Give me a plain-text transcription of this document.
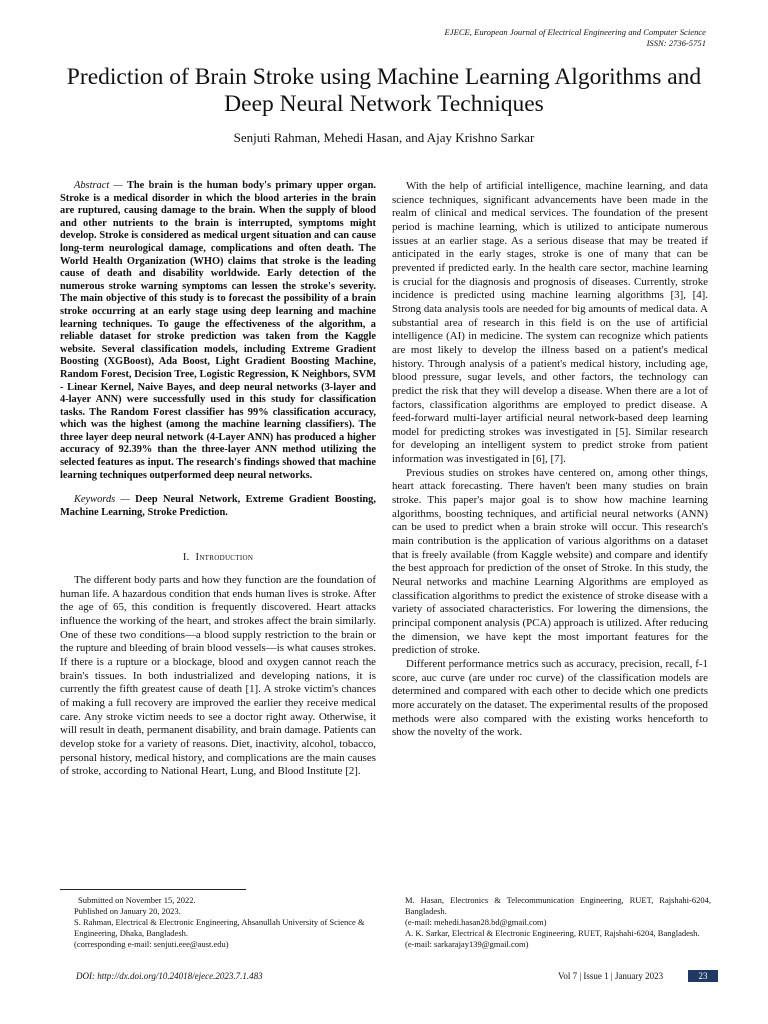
EJECE, European Journal of Electrical Engineering and Computer Science
ISSN: 2736-5751
Prediction of Brain Stroke using Machine Learning Algorithms and Deep Neural Network Techniques
Senjuti Rahman, Mehedi Hasan, and Ajay Krishno Sarkar

Abstract — The brain is the human body's primary upper organ. Stroke is a medical disorder in which the blood arteries in the brain are ruptured, causing damage to the brain. When the supply of blood and other nutrients to the brain is interrupted, symptoms might develop. Stroke is considered as medical urgent situation and can cause long-term neurological damage, complications and often death. The World Health Organization (WHO) claims that stroke is the leading cause of death and disability worldwide. Early detection of the numerous stroke warning symptoms can lessen the stroke's severity. The main objective of this study is to forecast the possibility of a brain stroke occurring at an early stage using deep learning and machine learning techniques. To gauge the effectiveness of the algorithm, a reliable dataset for stroke prediction was taken from the Kaggle website. Several classification models, including Extreme Gradient Boosting (XGBoost), Ada Boost, Light Gradient Boosting Machine, Random Forest, Decision Tree, Logistic Regression, K Neighbors, SVM - Linear Kernel, Naive Bayes, and deep neural networks (3-layer and 4-layer ANN) were successfully used in this study for classification tasks. The Random Forest classifier has 99% classification accuracy, which was the highest (among the machine learning classifiers). The three layer deep neural network (4-Layer ANN) has produced a higher accuracy of 92.39% than the three-layer ANN method utilizing the selected features as input. The research's findings showed that machine learning techniques outperformed deep neural networks.

Keywords — Deep Neural Network, Extreme Gradient Boosting, Machine Learning, Stroke Prediction.

I. Introduction

The different body parts and how they function are the foundation of human life. A hazardous condition that ends human lives is stroke. After the age of 65, this condition is frequently discovered. Heart attacks influence the working of the heart, and strokes affect the brain similarly. One of these two conditions—a blood supply restriction to the brain or the rupture and bleeding of brain blood vessels—is what causes strokes. If there is a rupture or a blockage, blood and oxygen cannot reach the brain's tissues. In both industrialized and developing nations, it is currently the fifth greatest cause of death [1]. A stroke victim's chances of making a full recovery are improved the earlier they receive medical care. Any stroke victim needs to see a doctor right away. Otherwise, it will result in death, permanent disability, and brain damage. Patients can develop stoke for a variety of reasons. Diet, inactivity, alcohol, tobacco, personal history, medical history, and complications are the main causes of stroke, according to National Heart, Lung, and Blood Institute [2].

With the help of artificial intelligence, machine learning, and data science techniques, significant advancements have been made in the realm of clinical and medical services. The foundation of the present period is machine learning, which is utilized to anticipate numerous issues at an earlier stage. As a serious disease that may be treated if anticipated in the early stages, stroke is one of many that can be prevented if predicted early. In the health care sector, machine learning is crucial for the diagnosis and prognosis of diseases. Currently, stroke incidence is predicted using machine learning algorithms [3], [4]. Strong data analysis tools are needed for big amounts of medical data. A substantial area of research in this field is on the use of artificial intelligence (AI) in medicine. The system can recognize which patients are most likely to develop the illness based on a patient's medical history. Through analysis of a patient's medical history, including age, blood pressure, sugar levels, and other factors, the technology can predict the risk that they will develop a disease. When there are a lot of factors, classification algorithms are employed to predict disease. A feed-forward multi-layer artificial neural network-based deep learning model for predicting strokes was investigated in [5]. Similar research for developing an intelligent system to predict stroke from patient information was investigated in [6], [7].

Previous studies on strokes have centered on, among other things, heart attack forecasting. There haven't been many studies on brain stroke. This paper's major goal is to show how machine learning algorithms, boosting techniques, and artificial neural networks (ANN) can be used to predict when a brain stroke will occur. This research's main contribution is the application of various algorithms on a dataset that is freely available (from Kaggle website) and compare and identify the best approach for prediction of the onset of Stroke. In this study, the Neural networks and machine Learning Algorithms are employed as classification algorithms to predict the existence of stroke disease with a variety of associated characteristics. For lowering the dimensions, the principal component analysis (PCA) approach is utilized. After reducing the dimension, we have kept the most important features for the prediction of stroke.

Different performance metrics such as accuracy, precision, recall, f-1 score, auc curve (are under roc curve) of the classification models are determined and compared with each other to decide which one predicts more accurately on the dataset. The experimental results of the proposed methods were also compared with the existing works henceforth to show the novelty of the work.

Submitted on November 15, 2022.
Published on January 20, 2023.
S. Rahman, Electrical & Electronic Engineering, Ahsanullah University of Science & Engineering, Dhaka, Bangladesh.
(corresponding e-mail: senjuti.eee@aust.edu)
M. Hasan, Electronics & Telecommunication Engineering, RUET, Rajshahi-6204, Bangladesh.
(e-mail: mehedi.hasan28.bd@gmail.com)
A. K. Sarkar, Electrical & Electronic Engineering, RUET, Rajshahi-6204, Bangladesh.
(e-mail: sarkarajay139@gmail.com)
DOI: http://dx.doi.org/10.24018/ejece.2023.7.1.483	Vol 7 | Issue 1 | January 2023	23
